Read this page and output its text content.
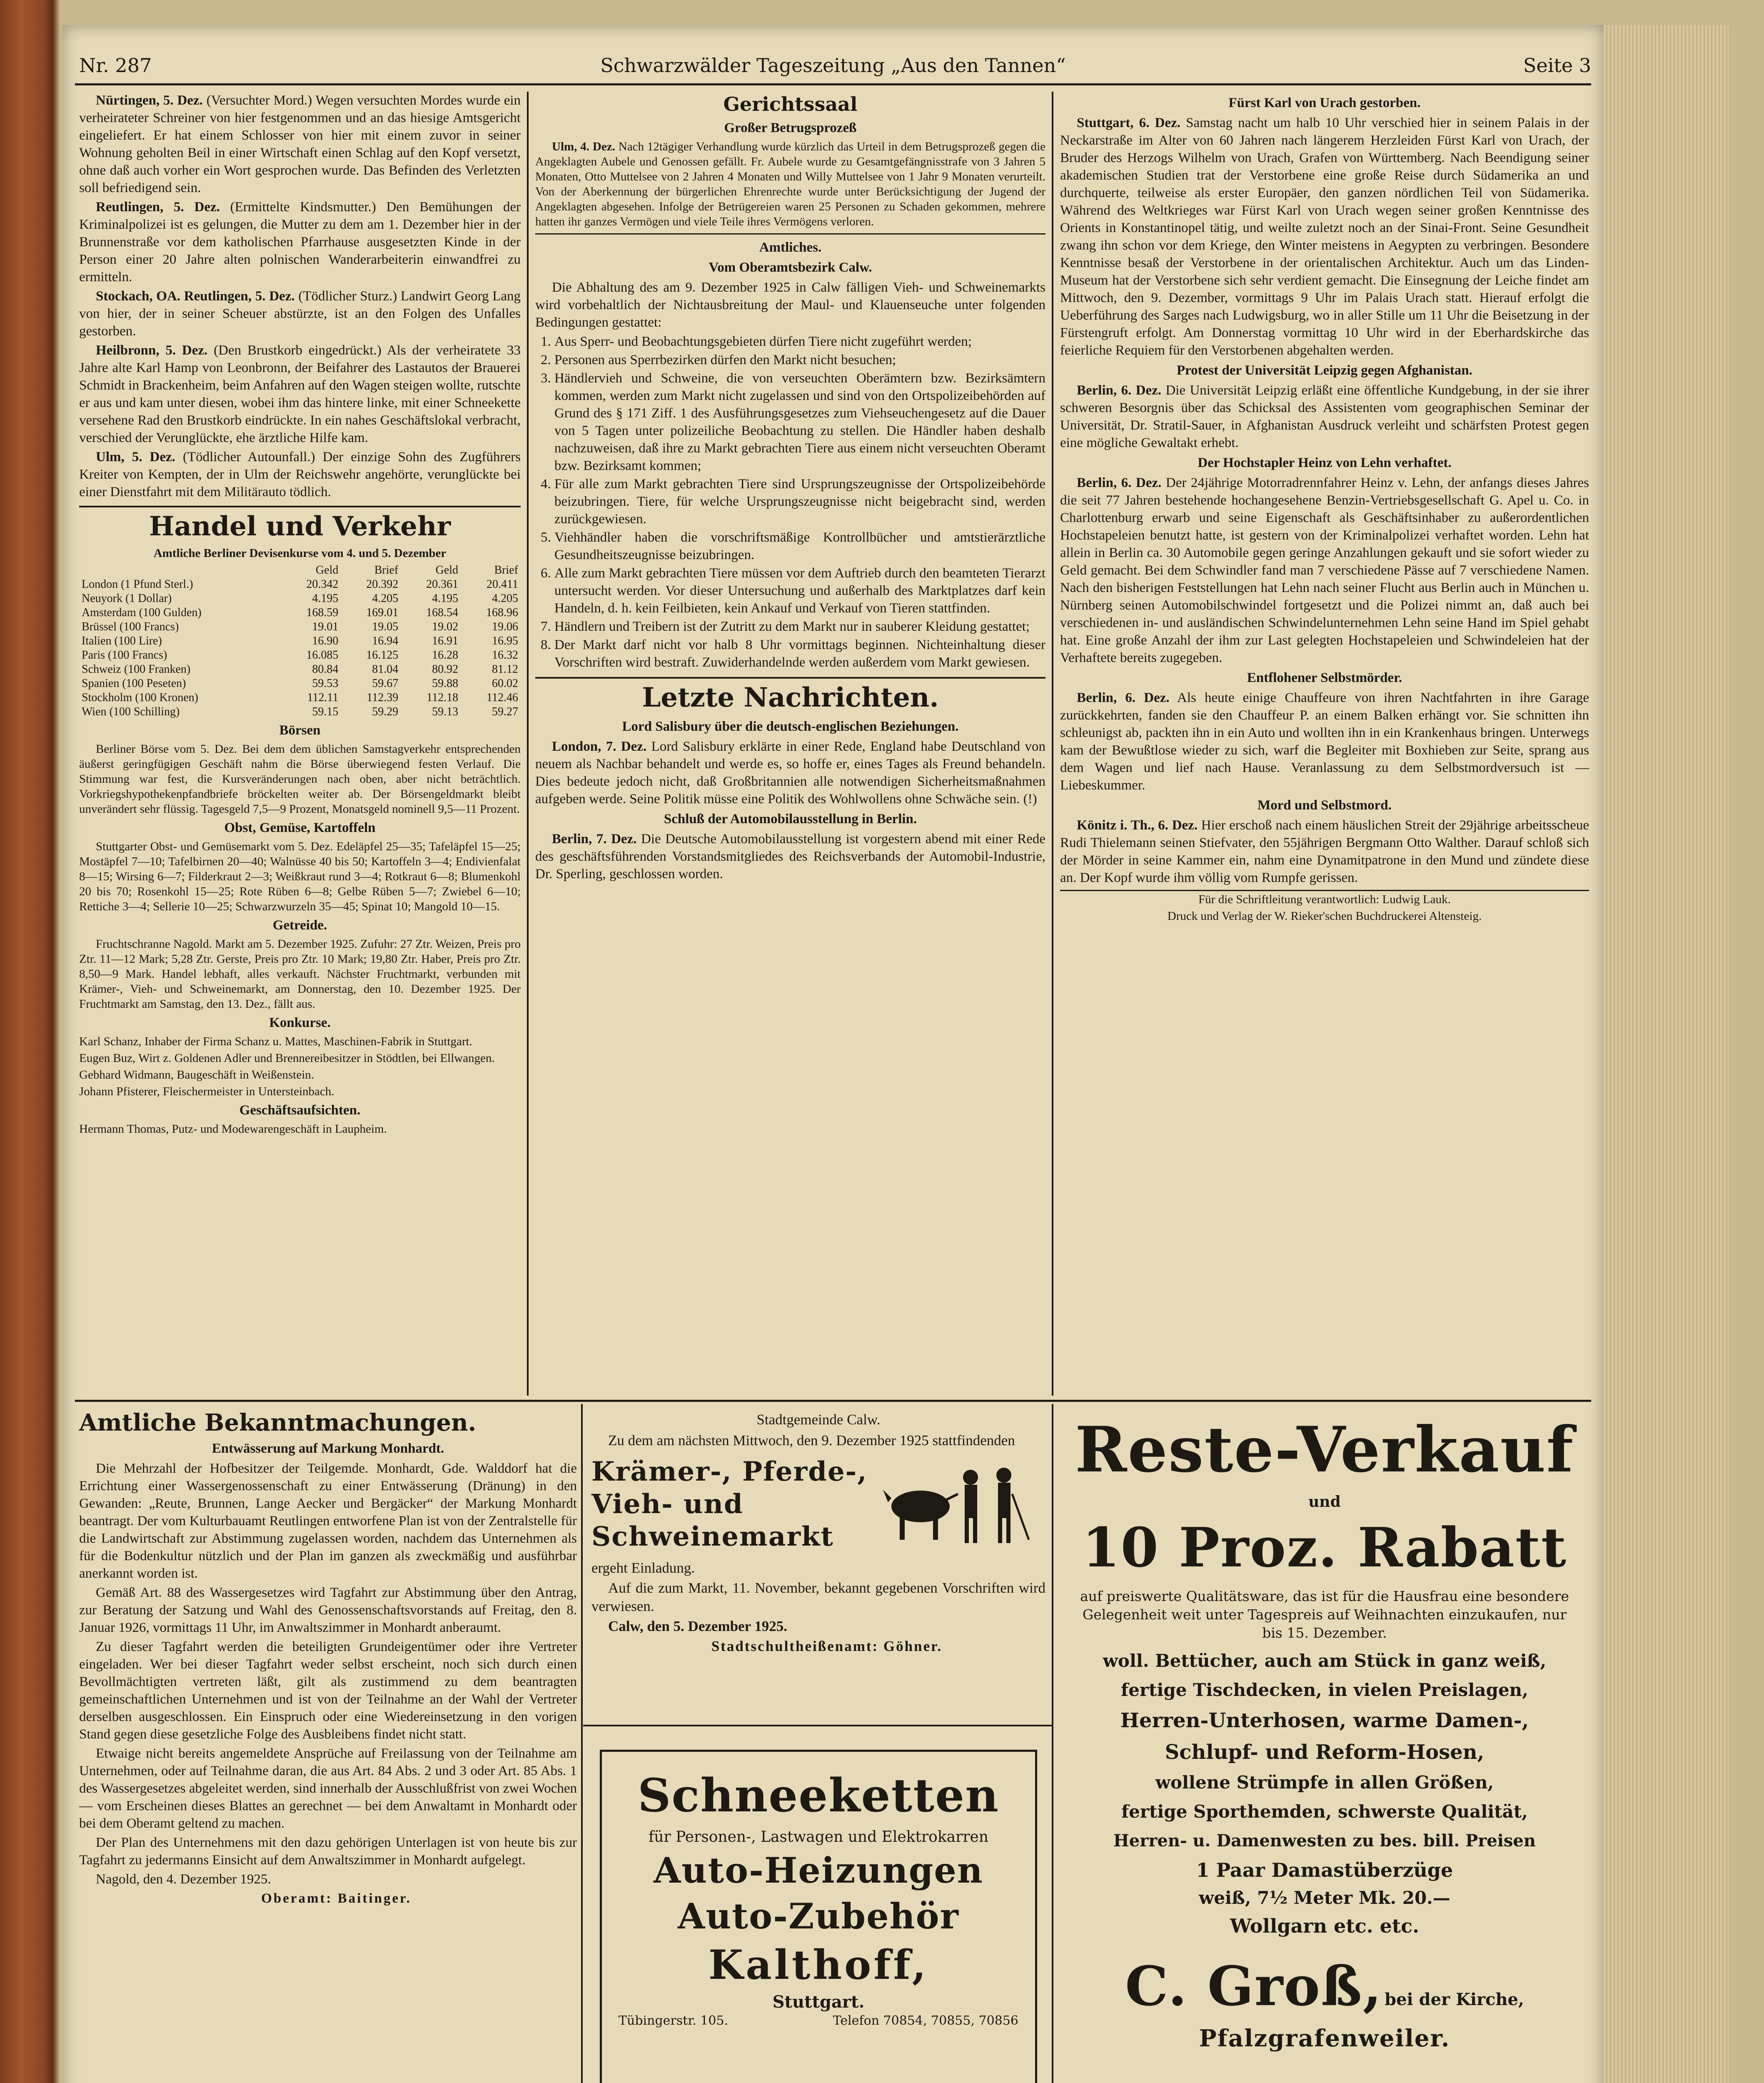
Nr. 287	Schwarzwälder Tageszeitung „Aus den Tannen“	Seite 3

Nürtingen, 5. Dez. (Versuchter Mord.) Wegen versuchten Mordes wurde ein verheirateter Schreiner von hier festgenommen und an das hiesige Amtsgericht eingeliefert. Er hat einem Schlosser von hier mit einem zuvor in seiner Wohnung geholten Beil in einer Wirtschaft einen Schlag auf den Kopf versetzt, ohne daß auch vorher ein Wort gesprochen wurde. Das Befinden des Verletzten soll befriedigend sein.

Reutlingen, 5. Dez. (Ermittelte Kindsmutter.) Den Bemühungen der Kriminalpolizei ist es gelungen, die Mutter zu dem am 1. Dezember hier in der Brunnenstraße vor dem katholischen Pfarrhause ausgesetzten Kinde in der Person einer 20 Jahre alten polnischen Wanderarbeiterin einwandfrei zu ermitteln.

Stockach, OA. Reutlingen, 5. Dez. (Tödlicher Sturz.) Landwirt Georg Lang von hier, der in seiner Scheuer abstürzte, ist an den Folgen des Unfalles gestorben.

Heilbronn, 5. Dez. (Den Brustkorb eingedrückt.) Als der verheiratete 33 Jahre alte Karl Hamp von Leonbronn, der Beifahrer des Lastautos der Brauerei Schmidt in Brackenheim, beim Anfahren auf den Wagen steigen wollte, rutschte er aus und kam unter diesen, wobei ihm das hintere linke, mit einer Schneekette versehene Rad den Brustkorb eindrückte. In ein nahes Geschäftslokal verbracht, verschied der Verunglückte, ehe ärztliche Hilfe kam.

Ulm, 5. Dez. (Tödlicher Autounfall.) Der einzige Sohn des Zugführers Kreiter von Kempten, der in Ulm der Reichswehr angehörte, verunglückte bei einer Dienstfahrt mit dem Militärauto tödlich.

Handel und Verkehr
Amtliche Berliner Devisenkurse vom 4. und 5. Dezember
	Geld	Brief	Geld	Brief
London (1 Pfund Sterl.)	20.342	20.392	20.361	20.411
Neuyork (1 Dollar)	4.195	4.205	4.195	4.205
Amsterdam (100 Gulden)	168.59	169.01	168.54	168.96
Brüssel (100 Francs)	19.01	19.05	19.02	19.06
Italien (100 Lire)	16.90	16.94	16.91	16.95
Paris (100 Francs)	16.085	16.125	16.28	16.32
Schweiz (100 Franken)	80.84	81.04	80.92	81.12
Spanien (100 Peseten)	59.53	59.67	59.88	60.02
Stockholm (100 Kronen)	112.11	112.39	112.18	112.46
Wien (100 Schilling)	59.15	59.29	59.13	59.27
Börsen

Berliner Börse vom 5. Dez. Bei dem dem üblichen Samstagverkehr entsprechenden äußerst geringfügigen Geschäft nahm die Börse überwiegend festen Verlauf. Die Stimmung war fest, die Kursveränderungen nach oben, aber nicht beträchtlich. Vorkriegshypothekenpfandbriefe bröckelten weiter ab. Der Börsengeldmarkt bleibt unverändert sehr flüssig. Tagesgeld 7,5—9 Prozent, Monatsgeld nominell 9,5—11 Prozent.

Obst, Gemüse, Kartoffeln

Stuttgarter Obst- und Gemüsemarkt vom 5. Dez. Edeläpfel 25—35; Tafeläpfel 15—25; Mostäpfel 7—10; Tafelbirnen 20—40; Walnüsse 40 bis 50; Kartoffeln 3—4; Endivienfalat 8—15; Wirsing 6—7; Filderkraut 2—3; Weißkraut rund 3—4; Rotkraut 6—8; Blumenkohl 20 bis 70; Rosenkohl 15—25; Rote Rüben 6—8; Gelbe Rüben 5—7; Zwiebel 6—10; Rettiche 3—4; Sellerie 10—25; Schwarzwurzeln 35—45; Spinat 10; Mangold 10—15.

Getreide.

Fruchtschranne Nagold. Markt am 5. Dezember 1925. Zufuhr: 27 Ztr. Weizen, Preis pro Ztr. 11—12 Mark; 5,28 Ztr. Gerste, Preis pro Ztr. 10 Mark; 19,80 Ztr. Haber, Preis pro Ztr. 8,50—9 Mark. Handel lebhaft, alles verkauft. Nächster Fruchtmarkt, verbunden mit Krämer-, Vieh- und Schweinemarkt, am Donnerstag, den 10. Dezember 1925. Der Fruchtmarkt am Samstag, den 13. Dez., fällt aus.

Konkurse.

Karl Schanz, Inhaber der Firma Schanz u. Mattes, Maschinen-Fabrik in Stuttgart.

Eugen Buz, Wirt z. Goldenen Adler und Brennereibesitzer in Stödtlen, bei Ellwangen.

Gebhard Widmann, Baugeschäft in Weißenstein.

Johann Pfisterer, Fleischermeister in Untersteinbach.

Geschäftsaufsichten.

Hermann Thomas, Putz- und Modewarengeschäft in Laupheim.

Gerichtssaal
Großer Betrugsprozeß

Ulm, 4. Dez. Nach 12tägiger Verhandlung wurde kürzlich das Urteil in dem Betrugsprozeß gegen die Angeklagten Aubele und Genossen gefällt. Fr. Aubele wurde zu Gesamtgefängnisstrafe von 3 Jahren 5 Monaten, Otto Muttelsee von 2 Jahren 4 Monaten und Willy Muttelsee von 1 Jahr 9 Monaten verurteilt. Von der Aberkennung der bürgerlichen Ehrenrechte wurde unter Berücksichtigung der Jugend der Angeklagten abgesehen. Infolge der Betrügereien waren 25 Personen zu Schaden gekommen, mehrere hatten ihr ganzes Vermögen und viele Teile ihres Vermögens verloren.

Amtliches.
Vom Oberamtsbezirk Calw.

Die Abhaltung des am 9. Dezember 1925 in Calw fälligen Vieh- und Schweinemarkts wird vorbehaltlich der Nichtausbreitung der Maul- und Klauenseuche unter folgenden Bedingungen gestattet:

1. Aus Sperr- und Beobachtungsgebieten dürfen Tiere nicht zugeführt werden;
2. Personen aus Sperrbezirken dürfen den Markt nicht besuchen;
3. Händlervieh und Schweine, die von verseuchten Oberämtern bzw. Bezirksämtern kommen, werden zum Markt nicht zugelassen und sind von den Ortspolizeibehörden auf Grund des § 171 Ziff. 1 des Ausführungsgesetzes zum Viehseuchengesetz auf die Dauer von 5 Tagen unter polizeiliche Beobachtung zu stellen. Die Händler haben deshalb nachzuweisen, daß ihre zu Markt gebrachten Tiere aus einem nicht verseuchten Oberamt bzw. Bezirksamt kommen;
4. Für alle zum Markt gebrachten Tiere sind Ursprungszeugnisse der Ortspolizeibehörde beizubringen. Tiere, für welche Ursprungszeugnisse nicht beigebracht sind, werden zurückgewiesen.
5. Viehhändler haben die vorschriftsmäßige Kontrollbücher und amtstierärztliche Gesundheitszeugnisse beizubringen.
6. Alle zum Markt gebrachten Tiere müssen vor dem Auftrieb durch den beamteten Tierarzt untersucht werden. Vor dieser Untersuchung und außerhalb des Marktplatzes darf kein Handeln, d. h. kein Feilbieten, kein Ankauf und Verkauf von Tieren stattfinden.
7. Händlern und Treibern ist der Zutritt zu dem Markt nur in sauberer Kleidung gestattet;
8. Der Markt darf nicht vor halb 8 Uhr vormittags beginnen. Nichteinhaltung dieser Vorschriften wird bestraft. Zuwiderhandelnde werden außerdem vom Markt gewiesen.
Letzte Nachrichten.
Lord Salisbury über die deutsch-englischen Beziehungen.

London, 7. Dez. Lord Salisbury erklärte in einer Rede, England habe Deutschland von neuem als Nachbar behandelt und werde es, so hoffe er, eines Tages als Freund behandeln. Dies bedeute jedoch nicht, daß Großbritannien alle notwendigen Sicherheitsmaßnahmen aufgeben werde. Seine Politik müsse eine Politik des Wohlwollens ohne Schwäche sein. (!)

Schluß der Automobilausstellung in Berlin.

Berlin, 7. Dez. Die Deutsche Automobilausstellung ist vorgestern abend mit einer Rede des geschäftsführenden Vorstandsmitgliedes des Reichsverbands der Automobil-Industrie, Dr. Sperling, geschlossen worden.

Fürst Karl von Urach gestorben.

Stuttgart, 6. Dez. Samstag nacht um halb 10 Uhr verschied hier in seinem Palais in der Neckarstraße im Alter von 60 Jahren nach längerem Herzleiden Fürst Karl von Urach, der Bruder des Herzogs Wilhelm von Urach, Grafen von Württemberg. Nach Beendigung seiner akademischen Studien trat der Verstorbene eine große Reise durch Südamerika an und durchquerte, teilweise als erster Europäer, den ganzen nördlichen Teil von Südamerika. Während des Weltkrieges war Fürst Karl von Urach wegen seiner großen Kenntnisse des Orients in Konstantinopel tätig, und weilte zuletzt noch an der Sinai-Front. Seine Gesundheit zwang ihn schon vor dem Kriege, den Winter meistens in Aegypten zu verbringen. Besondere Kenntnisse besaß der Verstorbene in der orientalischen Architektur. Auch um das Linden-Museum hat der Verstorbene sich sehr verdient gemacht. Die Einsegnung der Leiche findet am Mittwoch, den 9. Dezember, vormittags 9 Uhr im Palais Urach statt. Hierauf erfolgt die Ueberführung des Sarges nach Ludwigsburg, wo in aller Stille um 11 Uhr die Beisetzung in der Fürstengruft erfolgt. Am Donnerstag vormittag 10 Uhr wird in der Eberhardskirche das feierliche Requiem für den Verstorbenen abgehalten werden.

Protest der Universität Leipzig gegen Afghanistan.

Berlin, 6. Dez. Die Universität Leipzig erläßt eine öffentliche Kundgebung, in der sie ihrer schweren Besorgnis über das Schicksal des Assistenten vom geographischen Seminar der Universität, Dr. Stratil-Sauer, in Afghanistan Ausdruck verleiht und schärfsten Protest gegen eine mögliche Gewaltakt erhebt.

Der Hochstapler Heinz von Lehn verhaftet.

Berlin, 6. Dez. Der 24jährige Motorradrennfahrer Heinz v. Lehn, der anfangs dieses Jahres die seit 77 Jahren bestehende hochangesehene Benzin-Vertriebsgesellschaft G. Apel u. Co. in Charlottenburg erwarb und seine Eigenschaft als Geschäftsinhaber zu außerordentlichen Hochstapeleien benutzt hatte, ist gestern von der Kriminalpolizei verhaftet worden. Lehn hat allein in Berlin ca. 30 Automobile gegen geringe Anzahlungen gekauft und sie sofort wieder zu Geld gemacht. Bei dem Schwindler fand man 7 verschiedene Pässe auf 7 verschiedene Namen. Nach den bisherigen Feststellungen hat Lehn nach seiner Flucht aus Berlin auch in München u. Nürnberg seinen Automobilschwindel fortgesetzt und die Polizei nimmt an, daß auch bei verschiedenen in- und ausländischen Schwindelunternehmen Lehn seine Hand im Spiel gehabt hat. Eine große Anzahl der ihm zur Last gelegten Hochstapeleien und Schwindeleien hat der Verhaftete bereits zugegeben.

Entflohener Selbstmörder.

Berlin, 6. Dez. Als heute einige Chauffeure von ihren Nachtfahrten in ihre Garage zurückkehrten, fanden sie den Chauffeur P. an einem Balken erhängt vor. Sie schnitten ihn schleunigst ab, packten ihn in ein Auto und wollten ihn in ein Krankenhaus bringen. Unterwegs kam der Bewußtlose wieder zu sich, warf die Begleiter mit Boxhieben zur Seite, sprang aus dem Wagen und lief nach Hause. Veranlassung zu dem Selbstmordversuch ist — Liebeskummer.

Mord und Selbstmord.

Könitz i. Th., 6. Dez. Hier erschoß nach einem häuslichen Streit der 29jährige arbeitsscheue Rudi Thielemann seinen Stiefvater, den 55jährigen Bergmann Otto Walther. Darauf schloß sich der Mörder in seine Kammer ein, nahm eine Dynamitpatrone in den Mund und zündete diese an. Der Kopf wurde ihm völlig vom Rumpfe gerissen.

Für die Schriftleitung verantwortlich: Ludwig Lauk.

Druck und Verlag der W. Rieker'schen Buchdruckerei Altensteig.

Amtliche Bekanntmachungen.
Entwässerung auf Markung Monhardt.

Die Mehrzahl der Hofbesitzer der Teilgemde. Monhardt, Gde. Walddorf hat die Errichtung einer Wassergenossenschaft zu einer Entwässerung (Dränung) in den Gewanden: „Reute, Brunnen, Lange Aecker und Bergäcker“ der Markung Monhardt beantragt. Der vom Kulturbauamt Reutlingen entworfene Plan ist von der Zentralstelle für die Landwirtschaft zur Abstimmung zugelassen worden, nachdem das Unternehmen als für die Bodenkultur nützlich und der Plan im ganzen als zweckmäßig und ausführbar anerkannt worden ist.

Gemäß Art. 88 des Wassergesetzes wird Tagfahrt zur Abstimmung über den Antrag, zur Beratung der Satzung und Wahl des Genossenschaftsvorstands auf Freitag, den 8. Januar 1926, vormittags 11 Uhr, im Anwaltszimmer in Monhardt anberaumt.

Zu dieser Tagfahrt werden die beteiligten Grundeigentümer oder ihre Vertreter eingeladen. Wer bei dieser Tagfahrt weder selbst erscheint, noch sich durch einen Bevollmächtigten vertreten läßt, gilt als zustimmend zu dem beantragten gemeinschaftlichen Unternehmen und ist von der Teilnahme an der Wahl der Vertreter derselben ausgeschlossen. Ein Einspruch oder eine Wiedereinsetzung in den vorigen Stand gegen diese gesetzliche Folge des Ausbleibens findet nicht statt.

Etwaige nicht bereits angemeldete Ansprüche auf Freilassung von der Teilnahme am Unternehmen, oder auf Teilnahme daran, die aus Art. 84 Abs. 2 und 3 oder Art. 85 Abs. 1 des Wassergesetzes abgeleitet werden, sind innerhalb der Ausschlußfrist von zwei Wochen — vom Erscheinen dieses Blattes an gerechnet — bei dem Anwaltamt in Monhardt oder bei dem Oberamt geltend zu machen.

Der Plan des Unternehmens mit den dazu gehörigen Unterlagen ist von heute bis zur Tagfahrt zu jedermanns Einsicht auf dem Anwaltszimmer in Monhardt aufgelegt.

Nagold, den 4. Dezember 1925.

Oberamt: Baitinger.

Stadtgemeinde Calw.

Zu dem am nächsten Mittwoch, den 9. Dezember 1925 stattfindenden

Krämer-, Pferde-, Vieh- und Schweinemarkt

ergeht Einladung.

Auf die zum Markt, 11. November, bekannt gegebenen Vorschriften wird verwiesen.

Calw, den 5. Dezember 1925.

Stadtschultheißenamt: Göhner.

Schneeketten
für Personen-, Lastwagen und Elektrokarren
Auto-Heizungen
Auto-Zubehör
Kalthoff,
Stuttgart.
Tübingerstr. 105.	Telefon 70854, 70855, 70856
Reste-Verkauf
und
10 Proz. Rabatt

auf preiswerte Qualitätsware, das ist für die Hausfrau eine besondere Gelegenheit weit unter Tagespreis auf Weihnachten einzukaufen, nur bis 15. Dezember.

woll. Bettücher, auch am Stück in ganz weiß,
fertige Tischdecken, in vielen Preislagen,
Herren-Unterhosen, warme Damen-,
Schlupf- und Reform-Hosen,
wollene Strümpfe in allen Größen,
fertige Sporthemden, schwerste Qualität,
Herren- u. Damenwesten zu bes. bill. Preisen
1 Paar Damastüberzüge
weiß, 7½ Meter Mk. 20.—
Wollgarn etc. etc.
C. Groß, bei der Kirche,
Pfalzgrafenweiler.
